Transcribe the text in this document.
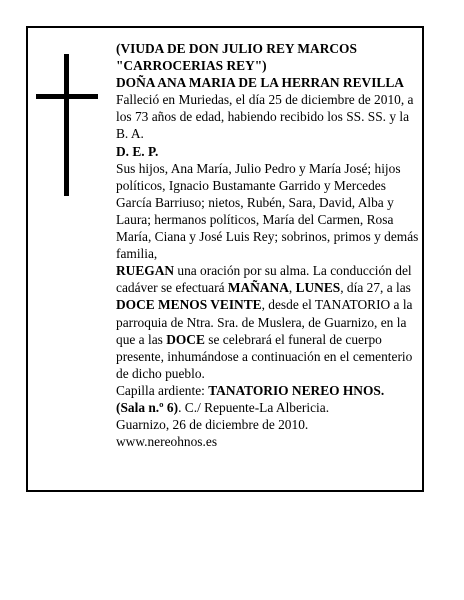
(VIUDA DE DON JULIO REY MARCOS

"CARROCERIAS REY")

DOÑA ANA MARIA DE LA HERRAN REVILLA

Falleció en Muriedas, el día 25 de diciembre de 2010, a los 73 años de edad, habiendo recibido los SS. SS. y la B. A.

D. E. P.

Sus hijos, Ana María, Julio Pedro y María José; hijos políticos, Ignacio Bustamante Garrido y Mercedes García Barriuso; nietos, Rubén, Sara, David, Alba y Laura; hermanos políticos, María del Carmen, Rosa María, Ciana y José Luis Rey; sobrinos, primos y demás familia,

RUEGAN una oración por su alma. La conducción del cadáver se efectuará MAÑANA, LUNES, día 27, a las DOCE MENOS VEINTE, desde el TANATORIO a la parroquia de Ntra. Sra. de Muslera, de Guarnizo, en la que a las DOCE se celebrará el funeral de cuerpo presente, inhumándose a continuación en el cementerio de dicho pueblo.

Capilla ardiente: TANATORIO NEREO HNOS.

(Sala n.º 6). C./ Repuente-La Albericia.

Guarnizo, 26 de diciembre de 2010.

www.nereohnos.es
